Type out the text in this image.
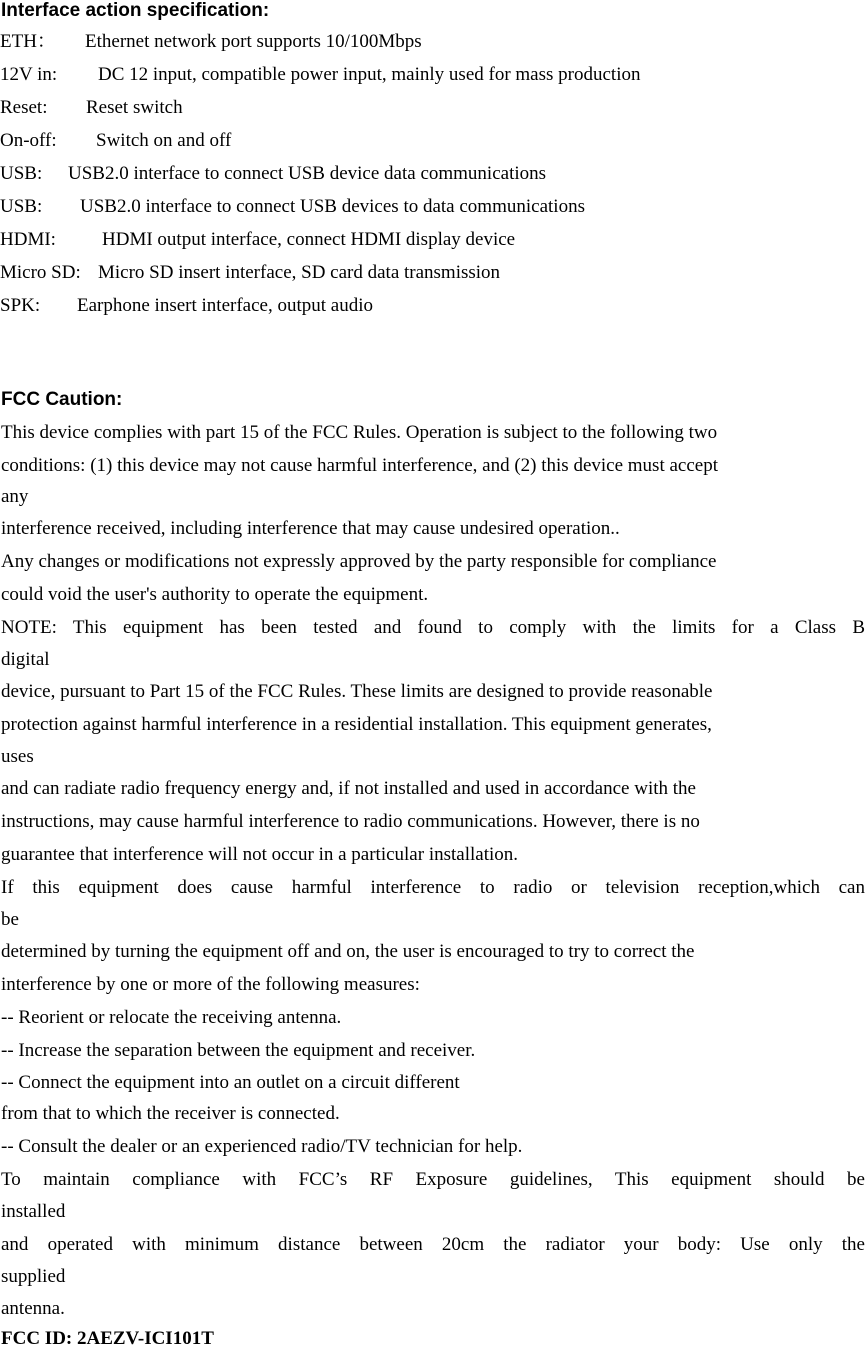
Interface action specification:
ETH： Ethernet network port supports 10/100Mbps
12V in: DC 12 input, compatible power input, mainly used for mass production
Reset: Reset switch
On-off: Switch on and off
USB: USB2.0 interface to connect USB device data communications
USB: USB2.0 interface to connect USB devices to data communications
HDMI: HDMI output interface, connect HDMI display device
Micro SD: Micro SD insert interface, SD card data transmission
SPK: Earphone insert interface, output audio
FCC Caution:
This device complies with part 15 of the FCC Rules. Operation is subject to the following two
conditions: (1) this device may not cause harmful interference, and (2) this device must accept
any
interference received, including interference that may cause undesired operation..
Any changes or modifications not expressly approved by the party responsible for compliance
could void the user's authority to operate the equipment.
NOTE: This equipment has been tested and found to comply with the limits for a Class B
digital
device, pursuant to Part 15 of the FCC Rules. These limits are designed to provide reasonable
protection against harmful interference in a residential installation. This equipment generates,
uses
and can radiate radio frequency energy and, if not installed and used in accordance with the
instructions, may cause harmful interference to radio communications. However, there is no
guarantee that interference will not occur in a particular installation.
If this equipment does cause harmful interference to radio or television reception,which can
be
determined by turning the equipment off and on, the user is encouraged to try to correct the
interference by one or more of the following measures:
-- Reorient or relocate the receiving antenna.
-- Increase the separation between the equipment and receiver.
-- Connect the equipment into an outlet on a circuit different
from that to which the receiver is connected.
-- Consult the dealer or an experienced radio/TV technician for help.
To maintain compliance with FCC’s RF Exposure guidelines, This equipment should be
installed
and operated with minimum distance between 20cm the radiator your body: Use only the
supplied
antenna.
FCC ID: 2AEZV-ICI101T
